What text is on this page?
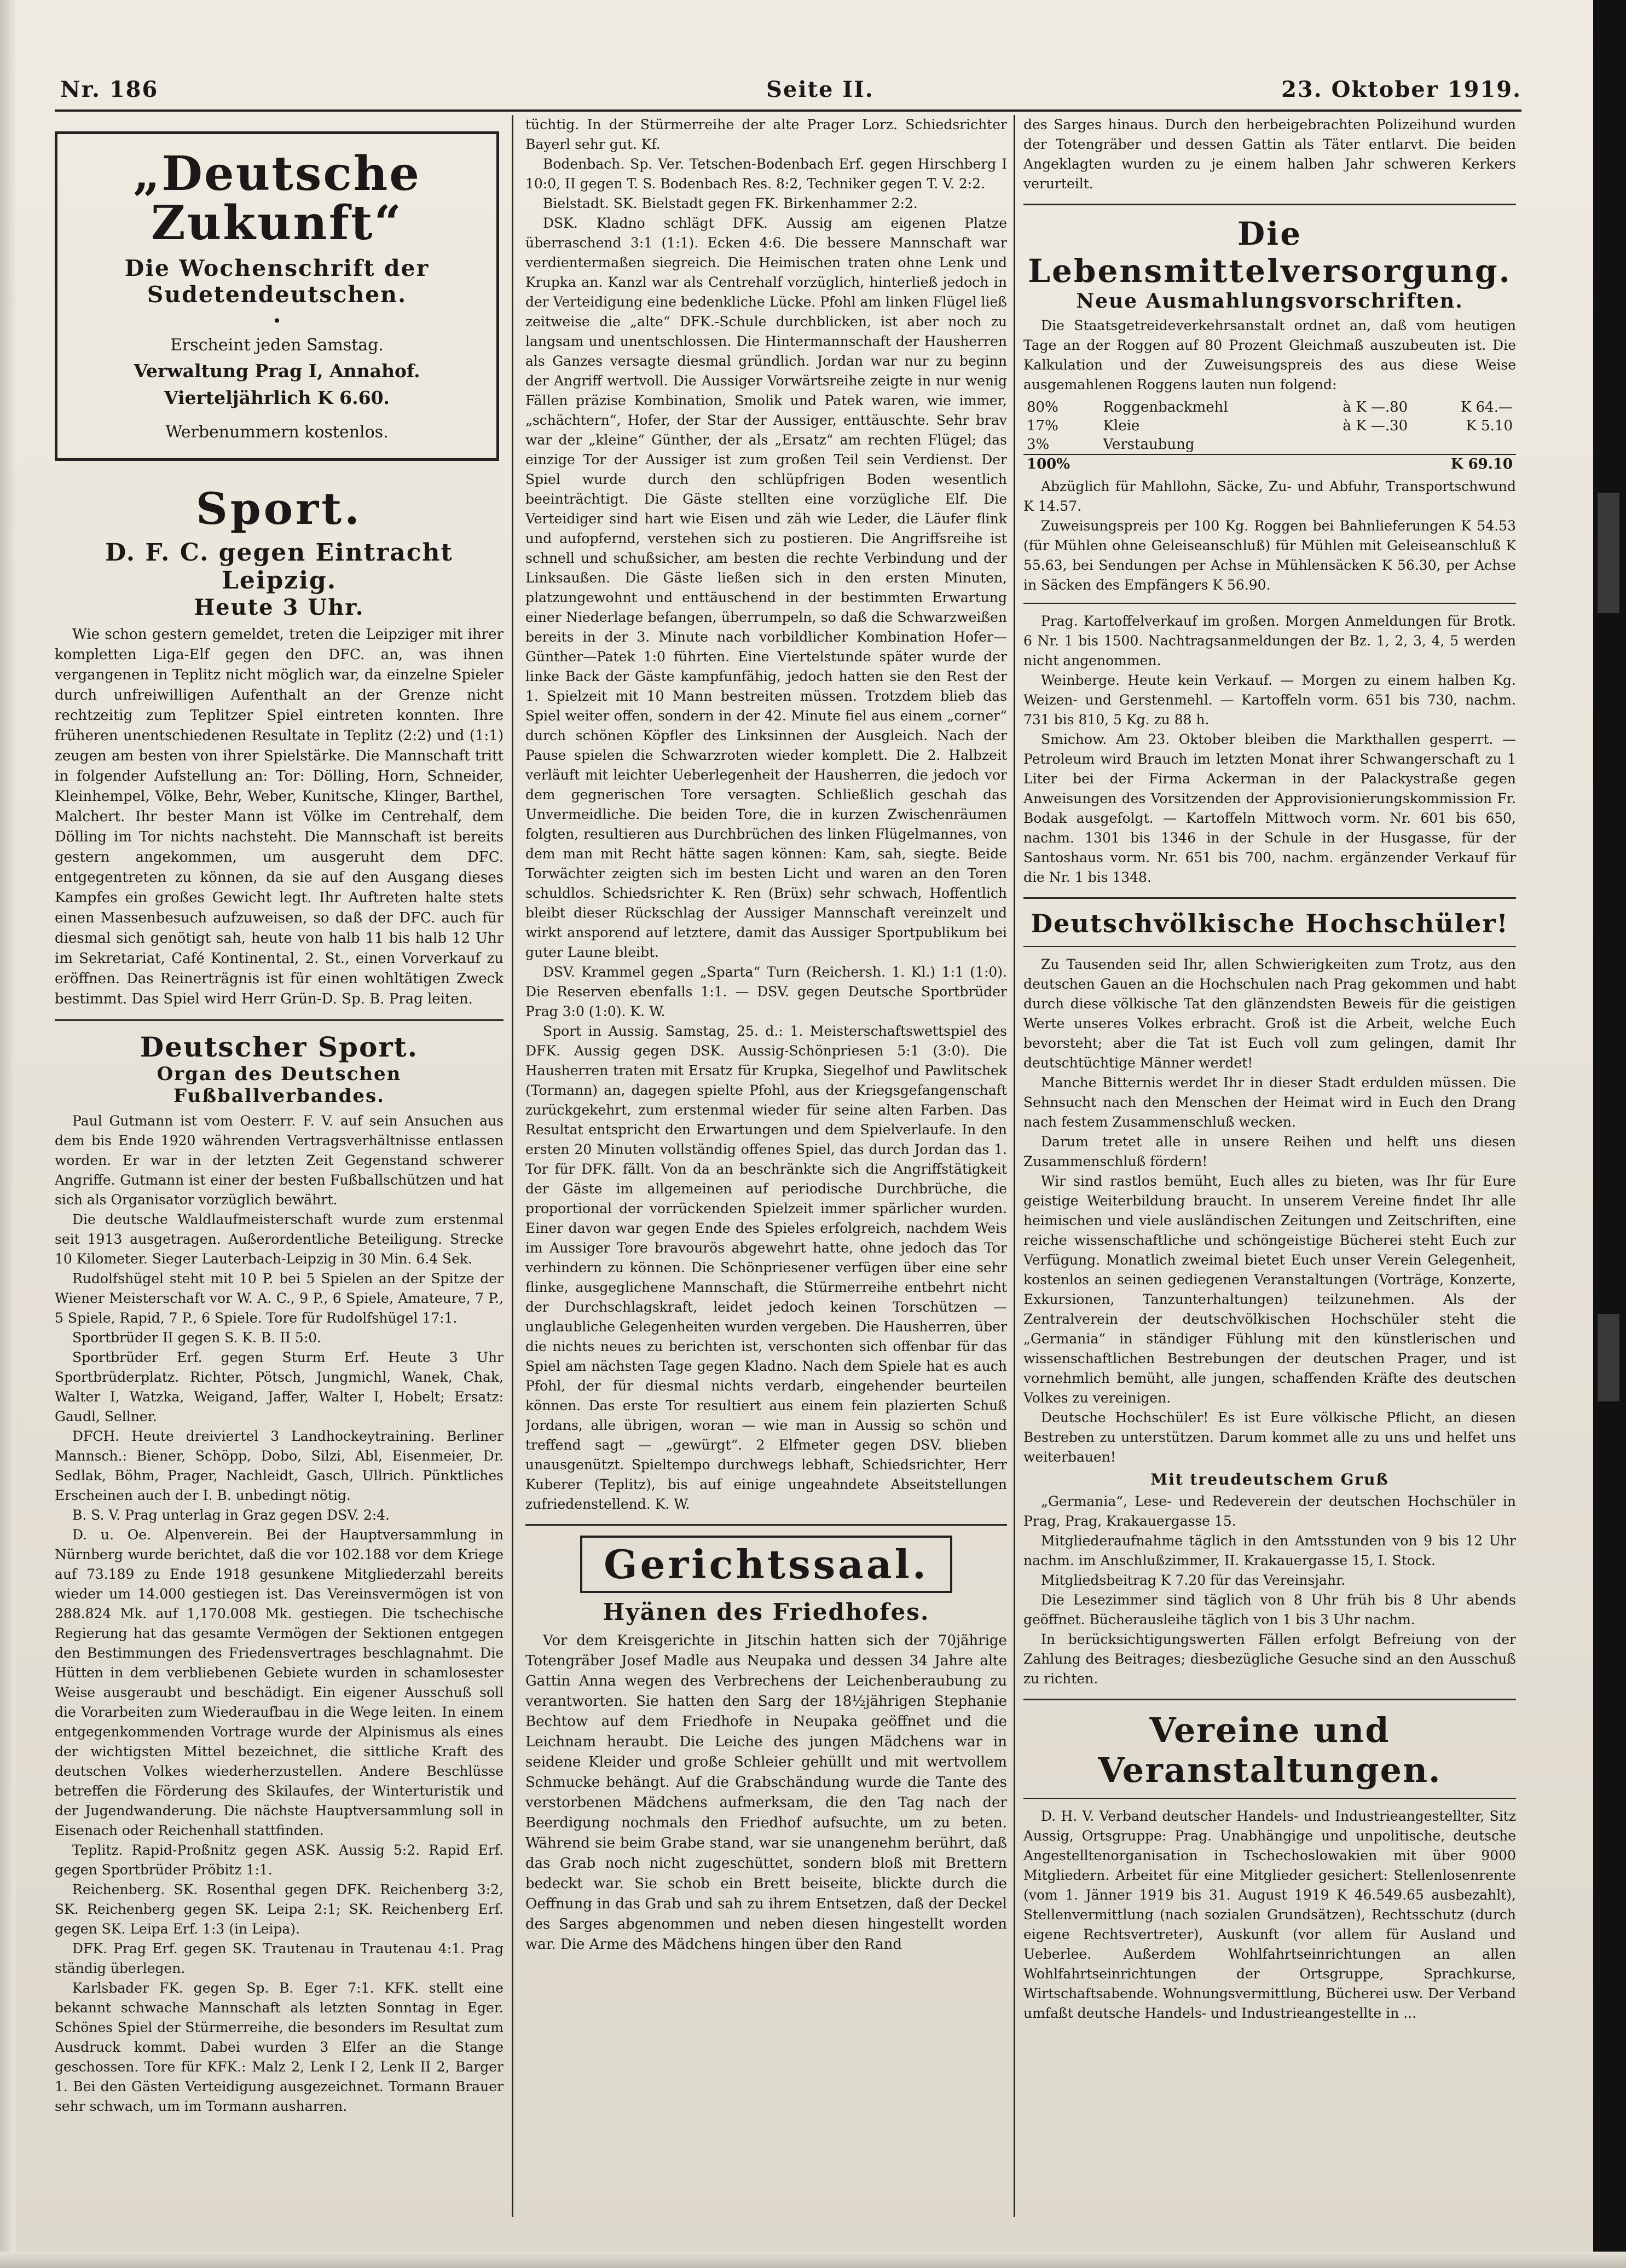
Nr. 186	Seite II.	23. Oktober 1919.
„Deutsche Zukunft“
Die Wochenschrift der Sudetendeutschen.
•
Erscheint jeden Samstag.
Verwaltung Prag I, Annahof.
Vierteljährlich K 6.60.
Werbenummern kostenlos.
Sport.
D. F. C. gegen Eintracht Leipzig.
Heute 3 Uhr.

Wie schon gestern gemeldet, treten die Leipziger mit ihrer kompletten Liga-Elf gegen den DFC. an, was ihnen vergangenen in Teplitz nicht möglich war, da einzelne Spieler durch unfreiwilligen Aufenthalt an der Grenze nicht rechtzeitig zum Teplitzer Spiel eintreten konnten. Ihre früheren unentschiedenen Resultate in Teplitz (2:2) und (1:1) zeugen am besten von ihrer Spielstärke. Die Mannschaft tritt in folgender Aufstellung an: Tor: Dölling, Horn, Schneider, Kleinhempel, Völke, Behr, Weber, Kunitsche, Klinger, Barthel, Malchert. Ihr bester Mann ist Völke im Centrehalf, dem Dölling im Tor nichts nachsteht. Die Mannschaft ist bereits gestern angekommen, um ausgeruht dem DFC. entgegentreten zu können, da sie auf den Ausgang dieses Kampfes ein großes Gewicht legt. Ihr Auftreten halte stets einen Massenbesuch aufzuweisen, so daß der DFC. auch für diesmal sich genötigt sah, heute von halb 11 bis halb 12 Uhr im Sekretariat, Café Kontinental, 2. St., einen Vorverkauf zu eröffnen. Das Reinerträgnis ist für einen wohltätigen Zweck bestimmt. Das Spiel wird Herr Grün-D. Sp. B. Prag leiten.

Deutscher Sport.
Organ des Deutschen Fußballverbandes.

Paul Gutmann ist vom Oesterr. F. V. auf sein Ansuchen aus dem bis Ende 1920 währenden Vertragsverhältnisse entlassen worden. Er war in der letzten Zeit Gegenstand schwerer Angriffe. Gutmann ist einer der besten Fußballschützen und hat sich als Organisator vorzüglich bewährt.

Die deutsche Waldlaufmeisterschaft wurde zum erstenmal seit 1913 ausgetragen. Außerordentliche Beteiligung. Strecke 10 Kilometer. Sieger Lauterbach-Leipzig in 30 Min. 6.4 Sek.

Rudolfshügel steht mit 10 P. bei 5 Spielen an der Spitze der Wiener Meisterschaft vor W. A. C., 9 P., 6 Spiele, Amateure, 7 P., 5 Spiele, Rapid, 7 P., 6 Spiele. Tore für Rudolfshügel 17:1.

Sportbrüder II gegen S. K. B. II 5:0.

Sportbrüder Erf. gegen Sturm Erf. Heute 3 Uhr Sportbrüderplatz. Richter, Pötsch, Jungmichl, Wanek, Chak, Walter I, Watzka, Weigand, Jaffer, Walter I, Hobelt; Ersatz: Gaudl, Sellner.

DFCH. Heute dreiviertel 3 Landhockeytraining. Berliner Mannsch.: Biener, Schöpp, Dobo, Silzi, Abl, Eisenmeier, Dr. Sedlak, Böhm, Prager, Nachleidt, Gasch, Ullrich. Pünktliches Erscheinen auch der I. B. unbedingt nötig.

B. S. V. Prag unterlag in Graz gegen DSV. 2:4.

D. u. Oe. Alpenverein. Bei der Hauptversammlung in Nürnberg wurde berichtet, daß die vor 102.188 vor dem Kriege auf 73.189 zu Ende 1918 gesunkene Mitgliederzahl bereits wieder um 14.000 gestiegen ist. Das Vereinsvermögen ist von 288.824 Mk. auf 1,170.008 Mk. gestiegen. Die tschechische Regierung hat das gesamte Vermögen der Sektionen entgegen den Bestimmungen des Friedensvertrages beschlagnahmt. Die Hütten in dem verbliebenen Gebiete wurden in schamlosester Weise ausgeraubt und beschädigt. Ein eigener Ausschuß soll die Vorarbeiten zum Wiederaufbau in die Wege leiten. In einem entgegenkommenden Vortrage wurde der Alpinismus als eines der wichtigsten Mittel bezeichnet, die sittliche Kraft des deutschen Volkes wiederherzustellen. Andere Beschlüsse betreffen die Förderung des Skilaufes, der Winterturistik und der Jugendwanderung. Die nächste Hauptversammlung soll in Eisenach oder Reichenhall stattfinden.

Teplitz. Rapid-Proßnitz gegen ASK. Aussig 5:2. Rapid Erf. gegen Sportbrüder Pröbitz 1:1.

Reichenberg. SK. Rosenthal gegen DFK. Reichenberg 3:2, SK. Reichenberg gegen SK. Leipa 2:1; SK. Reichenberg Erf. gegen SK. Leipa Erf. 1:3 (in Leipa).

DFK. Prag Erf. gegen SK. Trautenau in Trautenau 4:1. Prag ständig überlegen.

Karlsbader FK. gegen Sp. B. Eger 7:1. KFK. stellt eine bekannt schwache Mannschaft als letzten Sonntag in Eger. Schönes Spiel der Stürmerreihe, die besonders im Resultat zum Ausdruck kommt. Dabei wurden 3 Elfer an die Stange geschossen. Tore für KFK.: Malz 2, Lenk I 2, Lenk II 2, Barger 1. Bei den Gästen Verteidigung ausgezeichnet. Tormann Brauer sehr schwach, um im Tormann ausharren.

tüchtig. In der Stürmerreihe der alte Prager Lorz. Schiedsrichter Bayerl sehr gut. Kf.

Bodenbach. Sp. Ver. Tetschen-Bodenbach Erf. gegen Hirschberg I 10:0, II gegen T. S. Bodenbach Res. 8:2, Techniker gegen T. V. 2:2.

Bielstadt. SK. Bielstadt gegen FK. Birkenhammer 2:2.

DSK. Kladno schlägt DFK. Aussig am eigenen Platze überraschend 3:1 (1:1). Ecken 4:6. Die bessere Mannschaft war verdientermaßen siegreich. Die Heimischen traten ohne Lenk und Krupka an. Kanzl war als Centrehalf vorzüglich, hinterließ jedoch in der Verteidigung eine bedenkliche Lücke. Pfohl am linken Flügel ließ zeitweise die „alte“ DFK.-Schule durchblicken, ist aber noch zu langsam und unentschlossen. Die Hintermannschaft der Hausherren als Ganzes versagte diesmal gründlich. Jordan war nur zu beginn der Angriff wertvoll. Die Aussiger Vorwärtsreihe zeigte in nur wenig Fällen präzise Kombination, Smolik und Patek waren, wie immer, „schächtern“, Hofer, der Star der Aussiger, enttäuschte. Sehr brav war der „kleine“ Günther, der als „Ersatz“ am rechten Flügel; das einzige Tor der Aussiger ist zum großen Teil sein Verdienst. Der Spiel wurde durch den schlüpfrigen Boden wesentlich beeinträchtigt. Die Gäste stellten eine vorzügliche Elf. Die Verteidiger sind hart wie Eisen und zäh wie Leder, die Läufer flink und aufopfernd, verstehen sich zu postieren. Die Angriffsreihe ist schnell und schußsicher, am besten die rechte Verbindung und der Linksaußen. Die Gäste ließen sich in den ersten Minuten, platzungewohnt und enttäuschend in der bestimmten Erwartung einer Niederlage befangen, überrumpeln, so daß die Schwarzweißen bereits in der 3. Minute nach vorbildlicher Kombination Hofer—Günther—Patek 1:0 führten. Eine Viertelstunde später wurde der linke Back der Gäste kampfunfähig, jedoch hatten sie den Rest der 1. Spielzeit mit 10 Mann bestreiten müssen. Trotzdem blieb das Spiel weiter offen, sondern in der 42. Minute fiel aus einem „corner“ durch schönen Köpfler des Linksinnen der Ausgleich. Nach der Pause spielen die Schwarzroten wieder komplett. Die 2. Halbzeit verläuft mit leichter Ueberlegenheit der Hausherren, die jedoch vor dem gegnerischen Tore versagten. Schließlich geschah das Unvermeidliche. Die beiden Tore, die in kurzen Zwischenräumen folgten, resultieren aus Durchbrüchen des linken Flügelmannes, von dem man mit Recht hätte sagen können: Kam, sah, siegte. Beide Torwächter zeigten sich im besten Licht und waren an den Toren schuldlos. Schiedsrichter K. Ren (Brüx) sehr schwach, Hoffentlich bleibt dieser Rückschlag der Aussiger Mannschaft vereinzelt und wirkt ansporend auf letztere, damit das Aussiger Sportpublikum bei guter Laune bleibt.

DSV. Krammel gegen „Sparta“ Turn (Reichersh. 1. Kl.) 1:1 (1:0). Die Reserven ebenfalls 1:1. — DSV. gegen Deutsche Sportbrüder Prag 3:0 (1:0). K. W.

Sport in Aussig. Samstag, 25. d.: 1. Meisterschaftswettspiel des DFK. Aussig gegen DSK. Aussig-Schönpriesen 5:1 (3:0). Die Hausherren traten mit Ersatz für Krupka, Siegelhof und Pawlitschek (Tormann) an, dagegen spielte Pfohl, aus der Kriegsgefangenschaft zurückgekehrt, zum erstenmal wieder für seine alten Farben. Das Resultat entspricht den Erwartungen und dem Spielverlaufe. In den ersten 20 Minuten vollständig offenes Spiel, das durch Jordan das 1. Tor für DFK. fällt. Von da an beschränkte sich die Angriffstätigkeit der Gäste im allgemeinen auf periodische Durchbrüche, die proportional der vorrückenden Spielzeit immer spärlicher wurden. Einer davon war gegen Ende des Spieles erfolgreich, nachdem Weis im Aussiger Tore bravourös abgewehrt hatte, ohne jedoch das Tor verhindern zu können. Die Schönpriesener verfügen über eine sehr flinke, ausgeglichene Mannschaft, die Stürmerreihe entbehrt nicht der Durchschlagskraft, leidet jedoch keinen Torschützen — unglaubliche Gelegenheiten wurden vergeben. Die Hausherren, über die nichts neues zu berichten ist, verschonten sich offenbar für das Spiel am nächsten Tage gegen Kladno. Nach dem Spiele hat es auch Pfohl, der für diesmal nichts verdarb, eingehender beurteilen können. Das erste Tor resultiert aus einem fein plazierten Schuß Jordans, alle übrigen, woran — wie man in Aussig so schön und treffend sagt — „gewürgt“. 2 Elfmeter gegen DSV. blieben unausgenützt. Spieltempo durchwegs lebhaft, Schiedsrichter, Herr Kuberer (Teplitz), bis auf einige ungeahndete Abseitstellungen zufriedenstellend. K. W.

Gerichtssaal.
Hyänen des Friedhofes.

Vor dem Kreisgerichte in Jitschin hatten sich der 70jährige Totengräber Josef Madle aus Neupaka und dessen 34 Jahre alte Gattin Anna wegen des Verbrechens der Leichenberaubung zu verantworten. Sie hatten den Sarg der 18½jährigen Stephanie Bechtow auf dem Friedhofe in Neupaka geöffnet und die Leichnam heraubt. Die Leiche des jungen Mädchens war in seidene Kleider und große Schleier gehüllt und mit wertvollem Schmucke behängt. Auf die Grabschändung wurde die Tante des verstorbenen Mädchens aufmerksam, die den Tag nach der Beerdigung nochmals den Friedhof aufsuchte, um zu beten. Während sie beim Grabe stand, war sie unangenehm berührt, daß das Grab noch nicht zugeschüttet, sondern bloß mit Brettern bedeckt war. Sie schob ein Brett beiseite, blickte durch die Oeffnung in das Grab und sah zu ihrem Entsetzen, daß der Deckel des Sarges abgenommen und neben diesen hingestellt worden war. Die Arme des Mädchens hingen über den Rand

des Sarges hinaus. Durch den herbeigebrachten Polizeihund wurden der Totengräber und dessen Gattin als Täter entlarvt. Die beiden Angeklagten wurden zu je einem halben Jahr schweren Kerkers verurteilt.

Die Lebensmittelversorgung.
Neue Ausmahlungsvorschriften.

Die Staatsgetreideverkehrsanstalt ordnet an, daß vom heutigen Tage an der Roggen auf 80 Prozent Gleichmaß auszubeuten ist. Die Kalkulation und der Zuweisungspreis des aus diese Weise ausgemahlenen Roggens lauten nun folgend:

80%	Roggenbackmehl	à K —.80	K 64.—
17%	Kleie	à K —.30	K 5.10
3%	Verstaubung		
100%			K 69.10

Abzüglich für Mahllohn, Säcke, Zu- und Abfuhr, Transportschwund K 14.57.

Zuweisungspreis per 100 Kg. Roggen bei Bahnlieferungen K 54.53 (für Mühlen ohne Geleiseanschluß) für Mühlen mit Geleiseanschluß K 55.63, bei Sendungen per Achse in Mühlensäcken K 56.30, per Achse in Säcken des Empfängers K 56.90.

Prag. Kartoffelverkauf im großen. Morgen Anmeldungen für Brotk. 6 Nr. 1 bis 1500. Nachtragsanmeldungen der Bz. 1, 2, 3, 4, 5 werden nicht angenommen.

Weinberge. Heute kein Verkauf. — Morgen zu einem halben Kg. Weizen- und Gerstenmehl. — Kartoffeln vorm. 651 bis 730, nachm. 731 bis 810, 5 Kg. zu 88 h.

Smichow. Am 23. Oktober bleiben die Markthallen gesperrt. — Petroleum wird Brauch im letzten Monat ihrer Schwangerschaft zu 1 Liter bei der Firma Ackerman in der Palackystraße gegen Anweisungen des Vorsitzenden der Approvisionierungskommission Fr. Bodak ausgefolgt. — Kartoffeln Mittwoch vorm. Nr. 601 bis 650, nachm. 1301 bis 1346 in der Schule in der Husgasse, für der Santoshaus vorm. Nr. 651 bis 700, nachm. ergänzender Verkauf für die Nr. 1 bis 1348.

Deutschvölkische Hochschüler!

Zu Tausenden seid Ihr, allen Schwierigkeiten zum Trotz, aus den deutschen Gauen an die Hochschulen nach Prag gekommen und habt durch diese völkische Tat den glänzendsten Beweis für die geistigen Werte unseres Volkes erbracht. Groß ist die Arbeit, welche Euch bevorsteht; aber die Tat ist Euch voll zum gelingen, damit Ihr deutschtüchtige Männer werdet!

Manche Bitternis werdet Ihr in dieser Stadt erdulden müssen. Die Sehnsucht nach den Menschen der Heimat wird in Euch den Drang nach festem Zusammenschluß wecken.

Darum tretet alle in unsere Reihen und helft uns diesen Zusammenschluß fördern!

Wir sind rastlos bemüht, Euch alles zu bieten, was Ihr für Eure geistige Weiterbildung braucht. In unserem Vereine findet Ihr alle heimischen und viele ausländischen Zeitungen und Zeitschriften, eine reiche wissenschaftliche und schöngeistige Bücherei steht Euch zur Verfügung. Monatlich zweimal bietet Euch unser Verein Gelegenheit, kostenlos an seinen gediegenen Veranstaltungen (Vorträge, Konzerte, Exkursionen, Tanzunterhaltungen) teilzunehmen. Als der Zentralverein der deutschvölkischen Hochschüler steht die „Germania“ in ständiger Fühlung mit den künstlerischen und wissenschaftlichen Bestrebungen der deutschen Prager, und ist vornehmlich bemüht, alle jungen, schaffenden Kräfte des deutschen Volkes zu vereinigen.

Deutsche Hochschüler! Es ist Eure völkische Pflicht, an diesen Bestreben zu unterstützen. Darum kommet alle zu uns und helfet uns weiterbauen!

Mit treudeutschem Gruß

„Germania“, Lese- und Redeverein der deutschen Hochschüler in Prag, Prag, Krakauergasse 15.

Mitgliederaufnahme täglich in den Amtsstunden von 9 bis 12 Uhr nachm. im Anschlußzimmer, II. Krakauergasse 15, I. Stock.

Mitgliedsbeitrag K 7.20 für das Vereinsjahr.

Die Lesezimmer sind täglich von 8 Uhr früh bis 8 Uhr abends geöffnet. Bücherausleihe täglich von 1 bis 3 Uhr nachm.

In berücksichtigungswerten Fällen erfolgt Befreiung von der Zahlung des Beitrages; diesbezügliche Gesuche sind an den Ausschuß zu richten.

Vereine und Veranstaltungen.

D. H. V. Verband deutscher Handels- und Industrieangestellter, Sitz Aussig, Ortsgruppe: Prag. Unabhängige und unpolitische, deutsche Angestelltenorganisation in Tschechoslowakien mit über 9000 Mitgliedern. Arbeitet für eine Mitglieder gesichert: Stellenlosenrente (vom 1. Jänner 1919 bis 31. August 1919 K 46.549.65 ausbezahlt), Stellenvermittlung (nach sozialen Grundsätzen), Rechtsschutz (durch eigene Rechtsvertreter), Auskunft (vor allem für Ausland und Ueberlee. Außerdem Wohlfahrtseinrichtungen an allen Wohlfahrtseinrichtungen der Ortsgruppe, Sprachkurse, Wirtschaftsabende. Wohnungsvermittlung, Bücherei usw. Der Verband umfaßt deutsche Handels- und Industrieangestellte in ...
